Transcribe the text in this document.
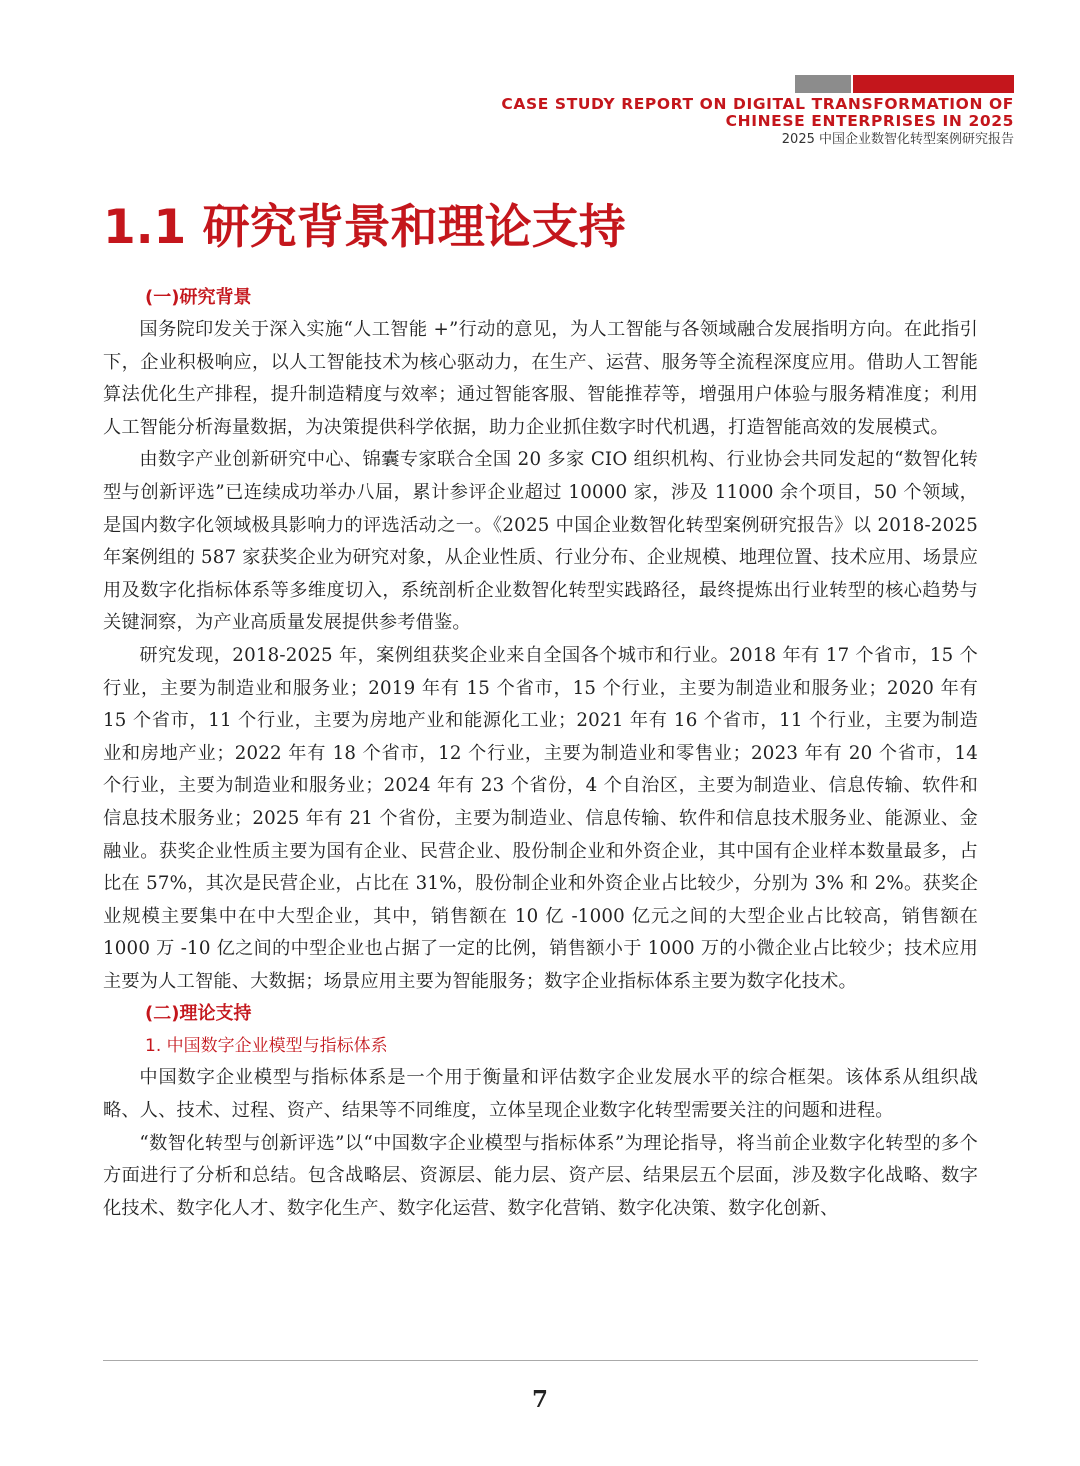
CASE STUDY REPORT ON DIGITAL TRANSFORMATION OF
CHINESE ENTERPRISES IN 2025
2025 中国企业数智化转型案例研究报告
1.1 研究背景和理论支持
(一)研究背景

国务院印发关于深入实施“人工智能 +”行动的意见，为人工智能与各领域融合发展指明方向。在此指引下，企业积极响应，以人工智能技术为核心驱动力，在生产、运营、服务等全流程深度应用。借助人工智能算法优化生产排程，提升制造精度与效率；通过智能客服、智能推荐等，增强用户体验与服务精准度；利用人工智能分析海量数据，为决策提供科学依据，助力企业抓住数字时代机遇，打造智能高效的发展模式。

由数字产业创新研究中心、锦囊专家联合全国 20 多家 CIO 组织机构、行业协会共同发起的“数智化转型与创新评选”已连续成功举办八届，累计参评企业超过 10000 家，涉及 11000 余个项目，50 个领域，是国内数字化领域极具影响力的评选活动之一。《2025 中国企业数智化转型案例研究报告》以 2018-2025 年案例组的 587 家获奖企业为研究对象，从企业性质、行业分布、企业规模、地理位置、技术应用、场景应用及数字化指标体系等多维度切入，系统剖析企业数智化转型实践路径，最终提炼出行业转型的核心趋势与关键洞察，为产业高质量发展提供参考借鉴。

研究发现，2018-2025 年，案例组获奖企业来自全国各个城市和行业。2018 年有 17 个省市，15 个行业，主要为制造业和服务业；2019 年有 15 个省市，15 个行业，主要为制造业和服务业；2020 年有 15 个省市，11 个行业，主要为房地产业和能源化工业；2021 年有 16 个省市，11 个行业，主要为制造业和房地产业；2022 年有 18 个省市，12 个行业，主要为制造业和零售业；2023 年有 20 个省市，14 个行业，主要为制造业和服务业；2024 年有 23 个省份，4 个自治区，主要为制造业、信息传输、软件和信息技术服务业；2025 年有 21 个省份，主要为制造业、信息传输、软件和信息技术服务业、能源业、金融业。获奖企业性质主要为国有企业、民营企业、股份制企业和外资企业，其中国有企业样本数量最多，占比在 57%，其次是民营企业，占比在 31%，股份制企业和外资企业占比较少，分别为 3% 和 2%。获奖企业规模主要集中在中大型企业，其中，销售额在 10 亿 -1000 亿元之间的大型企业占比较高，销售额在 1000 万 -10 亿之间的中型企业也占据了一定的比例，销售额小于 1000 万的小微企业占比较少；技术应用主要为人工智能、大数据；场景应用主要为智能服务；数字企业指标体系主要为数字化技术。

(二)理论支持
1. 中国数字企业模型与指标体系

中国数字企业模型与指标体系是一个用于衡量和评估数字企业发展水平的综合框架。该体系从组织战略、人、技术、过程、资产、结果等不同维度，立体呈现企业数字化转型需要关注的问题和进程。

“数智化转型与创新评选”以“中国数字企业模型与指标体系”为理论指导，将当前企业数字化转型的多个方面进行了分析和总结。包含战略层、资源层、能力层、资产层、结果层五个层面，涉及数字化战略、数字化技术、数字化人才、数字化生产、数字化运营、数字化营销、数字化决策、数字化创新、

7
